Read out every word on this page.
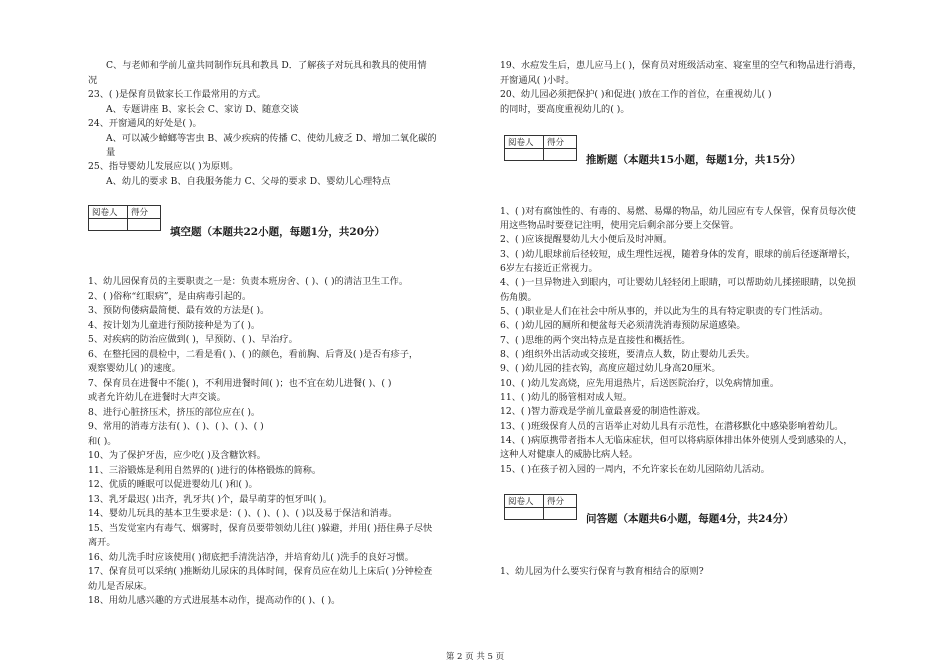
C、与老师和学前儿童共同制作玩具和教具 D．了解孩子对玩具和教具的使用情
况
23、( )是保育员做家长工作最常用的方式。
A、专题讲座 B、家长会 C、家访 D、随意交谈
24、开窗通风的好处是( )。
A、可以减少蟑螂等害虫 B、减少疾病的传播 C、使幼儿疲乏 D、增加二氧化碳的
量
25、指导婴幼儿发展应以( )为原则。
A、幼儿的要求 B、自我服务能力 C、父母的要求 D、婴幼儿心理特点
阅卷人	得分

填空题（本题共22小题，每题1分，共20分）
1、幼儿园保育员的主要职责之一是：负责本班房舍、( )、( )的清洁卫生工作。
2、( )俗称“红眼病”，是由病毒引起的。
3、预防佝偻病最简便、最有效的方法是( )。
4、按计划为儿童进行预防接种是为了( )。
5、对疾病的防治应做到( )，早预防、( )、早治疗。
6、在整托园的晨检中，二看是看( )、( )的颜色，看前胸、后背及( )是否有疹子，
观察婴幼儿( )的速度。
7、保育员在进餐中不能( )，不利用进餐时间( )；也不宜在幼儿进餐( )、( )
或者允许幼儿在进餐时大声交谈。
8、进行心脏挤压术，挤压的部位应在( )。
9、常用的消毒方法有( )、( )、( )、( )、( )
和( )。
10、为了保护牙齿，应少吃( )及含糖饮料。
11、三浴锻炼是利用自然界的( )进行的体格锻炼的简称。
12、优质的睡眠可以促进婴幼儿( )和( )。
13、乳牙最迟( )出齐，乳牙共( )个，最早萌芽的恒牙叫( )。
14、婴幼儿玩具的基本卫生要求是：( )、( )、( )、( )以及易于保洁和消毒。
15、当发觉室内有毒气、烟雾时，保育员要带领幼儿往( )躲避，并用( )捂住鼻子尽快
离开。
16、幼儿洗手时应该使用( )彻底把手清洗洁净，并培育幼儿( )洗手的良好习惯。
17、保育员可以采纳( )推断幼儿尿床的具体时间，保育员应在幼儿上床后( )分钟检查
幼儿是否尿床。
18、用幼儿感兴趣的方式进展基本动作，提高动作的( )、( )。
19、水痘发生后，患儿应马上( )，保育员对班级活动室、寝室里的空气和物品进行消毒，
开窗通风( )小时。
20、幼儿园必须把保护( )和促进( )放在工作的首位，在重视幼儿( )
的同时，要高度重视幼儿的( )。
阅卷人	得分

推断题（本题共15小题，每题1分，共15分）
1、( )对有腐蚀性的、有毒的、易燃、易爆的物品，幼儿园应有专人保管，保育员每次使
用这些物品时要登记注明，使用完后剩余部分要上交保管。
2、( )应该提醒婴幼儿大小便后及时冲厕。
3、( )幼儿眼球前后径较短，成生理性远视，随着身体的发育，眼球的前后径逐渐增长，
6岁左右接近正常视力。
4、( )一旦异物进入到眼内，可让婴幼儿轻轻闭上眼睛，可以帮助幼儿揉搓眼睛，以免损
伤角膜。
5、( )职业是人们在社会中所从事的，并以此为生的具有特定职责的专门性活动。
6、( )幼儿园的厕所和便盆每天必须清洗消毒预防尿道感染。
7、( )思维的两个突出特点是直接性和概括性。
8、( )组织外出活动或交接班，要清点人数，防止婴幼儿丢失。
9、( )幼儿园的挂衣钩，高度应超过幼儿身高20厘米。
10、( )幼儿发高烧，应先用退热片，后送医院治疗，以免病情加重。
11、( )幼儿的肠管相对成人短。
12、( )智力游戏是学前儿童最喜爱的制造性游戏。
13、( )班级保育人员的言语举止对幼儿具有示范性，在潜移默化中感染影响着幼儿。
14、( )病原携带者指本人无临床症状，但可以将病原体排出体外使别人受到感染的人，
这种人对健康人的威胁比病人轻。
15、( )在孩子初入园的一周内，不允许家长在幼儿园陪幼儿活动。
阅卷人	得分

问答题（本题共6小题，每题4分，共24分）
1、幼儿园为什么要实行保育与教育相结合的原则?
第 2 页 共 5 页
